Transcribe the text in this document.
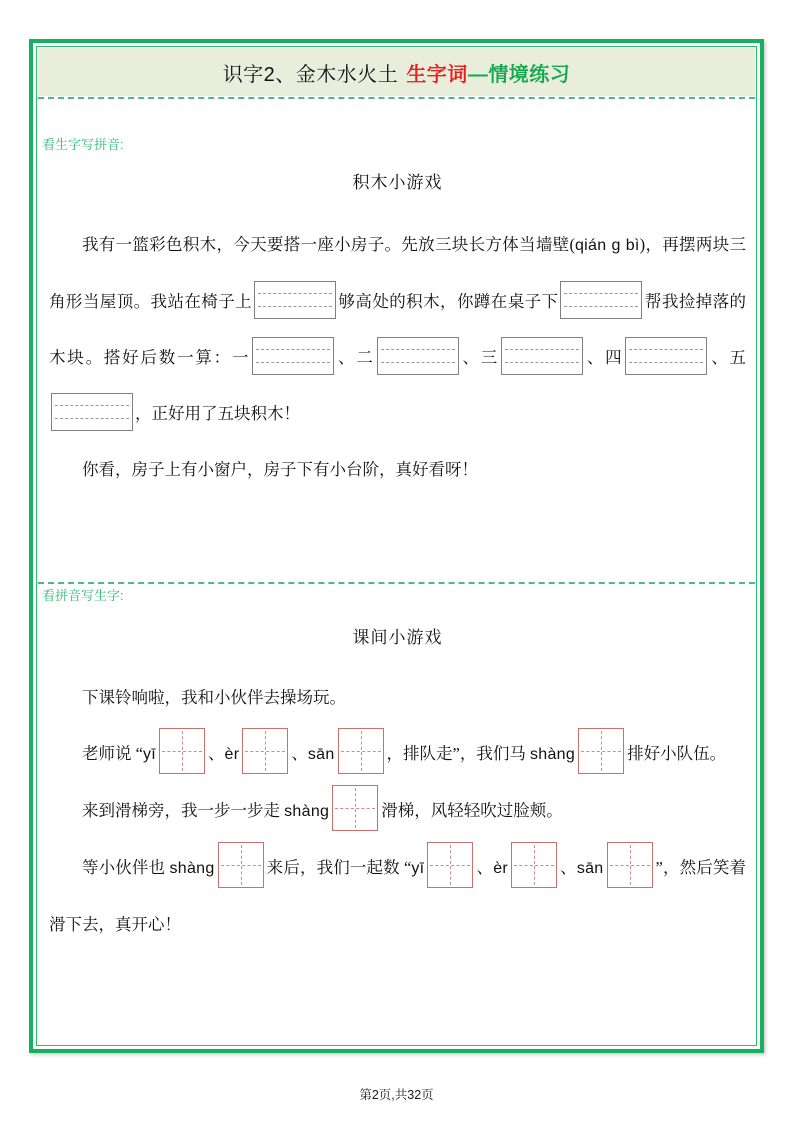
识字2、金木水火土 生字词—情境练习
看生字写拼音:
看拼音写生字:
积木小游戏
我有一篮彩色积木，今天要搭一座小房子。先放三块长方体当墙壁(qián g bì)，再摆两块三角形当屋顶。我站在椅子上	够高处的积木，你蹲在桌子下	帮我捡掉落的木块。搭好后数一算：一	、二	、三	、四	、五，正好用了五块积木！
你看，房子上有小窗户，房子下有小台阶，真好看呀！
课间小游戏
下课铃响啦，我和小伙伴去操场玩。
老师说 “yī	、èr	、sān	，排队走”，我们马 shàng	排好小队伍。
来到滑梯旁，我一步一步走 shàng	滑梯，风轻轻吹过脸颊。
等小伙伴也 shàng	来后，我们一起数 “yī	、èr	、sān	”，然后笑着滑下去，真开心！
第2页,共32页
